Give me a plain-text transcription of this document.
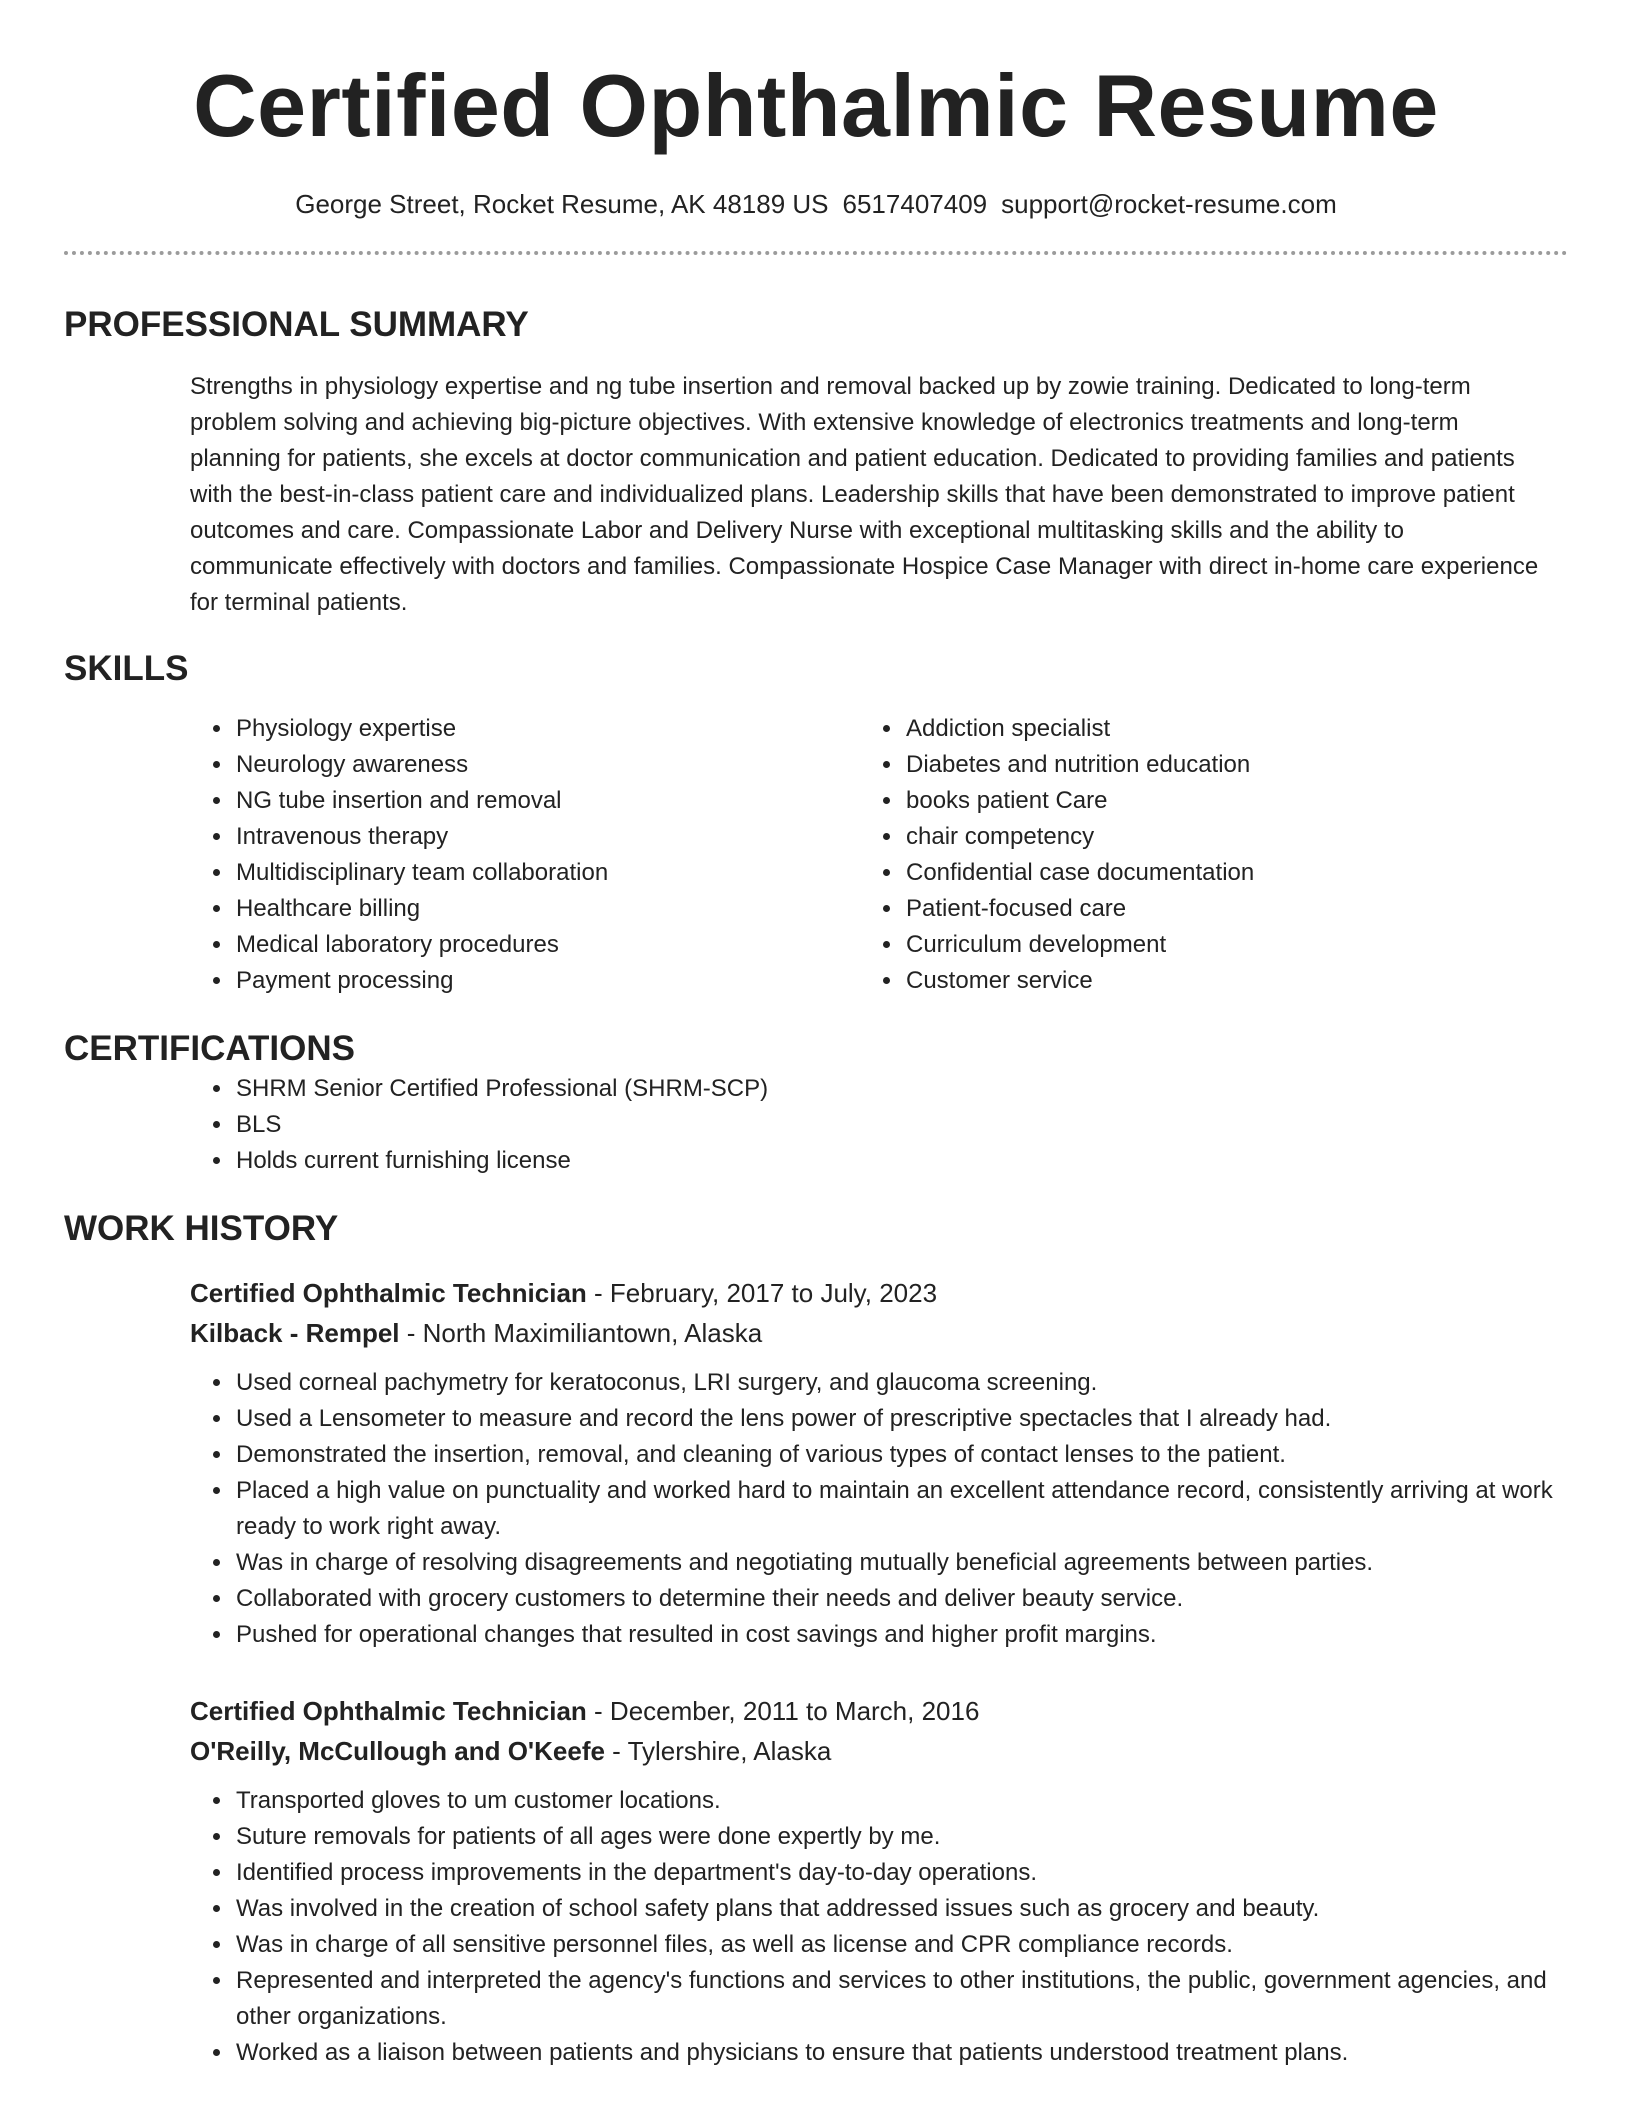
Certified Ophthalmic Resume
George Street, Rocket Resume, AK 48189 US 6517407409 support@rocket-resume.com
PROFESSIONAL SUMMARY

Strengths in physiology expertise and ng tube insertion and removal backed up by zowie training. Dedicated to long-term problem solving and achieving big-picture objectives. With extensive knowledge of electronics treatments and long-term planning for patients, she excels at doctor communication and patient education. Dedicated to providing families and patients with the best-in-class patient care and individualized plans. Leadership skills that have been demonstrated to improve patient outcomes and care. Compassionate Labor and Delivery Nurse with exceptional multitasking skills and the ability to communicate effectively with doctors and families. Compassionate Hospice Case Manager with direct in-home care experience for terminal patients.

SKILLS
• Physiology expertise
• Neurology awareness
• NG tube insertion and removal
• Intravenous therapy
• Multidisciplinary team collaboration
• Healthcare billing
• Medical laboratory procedures
• Payment processing
• Addiction specialist
• Diabetes and nutrition education
• books patient Care
• chair competency
• Confidential case documentation
• Patient-focused care
• Curriculum development
• Customer service
CERTIFICATIONS
• SHRM Senior Certified Professional (SHRM-SCP)
• BLS
• Holds current furnishing license
WORK HISTORY
Certified Ophthalmic Technician - February, 2017 to July, 2023
Kilback - Rempel - North Maximiliantown, Alaska
• Used corneal pachymetry for keratoconus, LRI surgery, and glaucoma screening.
• Used a Lensometer to measure and record the lens power of prescriptive spectacles that I already had.
• Demonstrated the insertion, removal, and cleaning of various types of contact lenses to the patient.
• Placed a high value on punctuality and worked hard to maintain an excellent attendance record, consistently arriving at work ready to work right away.
• Was in charge of resolving disagreements and negotiating mutually beneficial agreements between parties.
• Collaborated with grocery customers to determine their needs and deliver beauty service.
• Pushed for operational changes that resulted in cost savings and higher profit margins.
Certified Ophthalmic Technician - December, 2011 to March, 2016
O'Reilly, McCullough and O'Keefe - Tylershire, Alaska
• Transported gloves to um customer locations.
• Suture removals for patients of all ages were done expertly by me.
• Identified process improvements in the department's day-to-day operations.
• Was involved in the creation of school safety plans that addressed issues such as grocery and beauty.
• Was in charge of all sensitive personnel files, as well as license and CPR compliance records.
• Represented and interpreted the agency's functions and services to other institutions, the public, government agencies, and other organizations.
• Worked as a liaison between patients and physicians to ensure that patients understood treatment plans.
